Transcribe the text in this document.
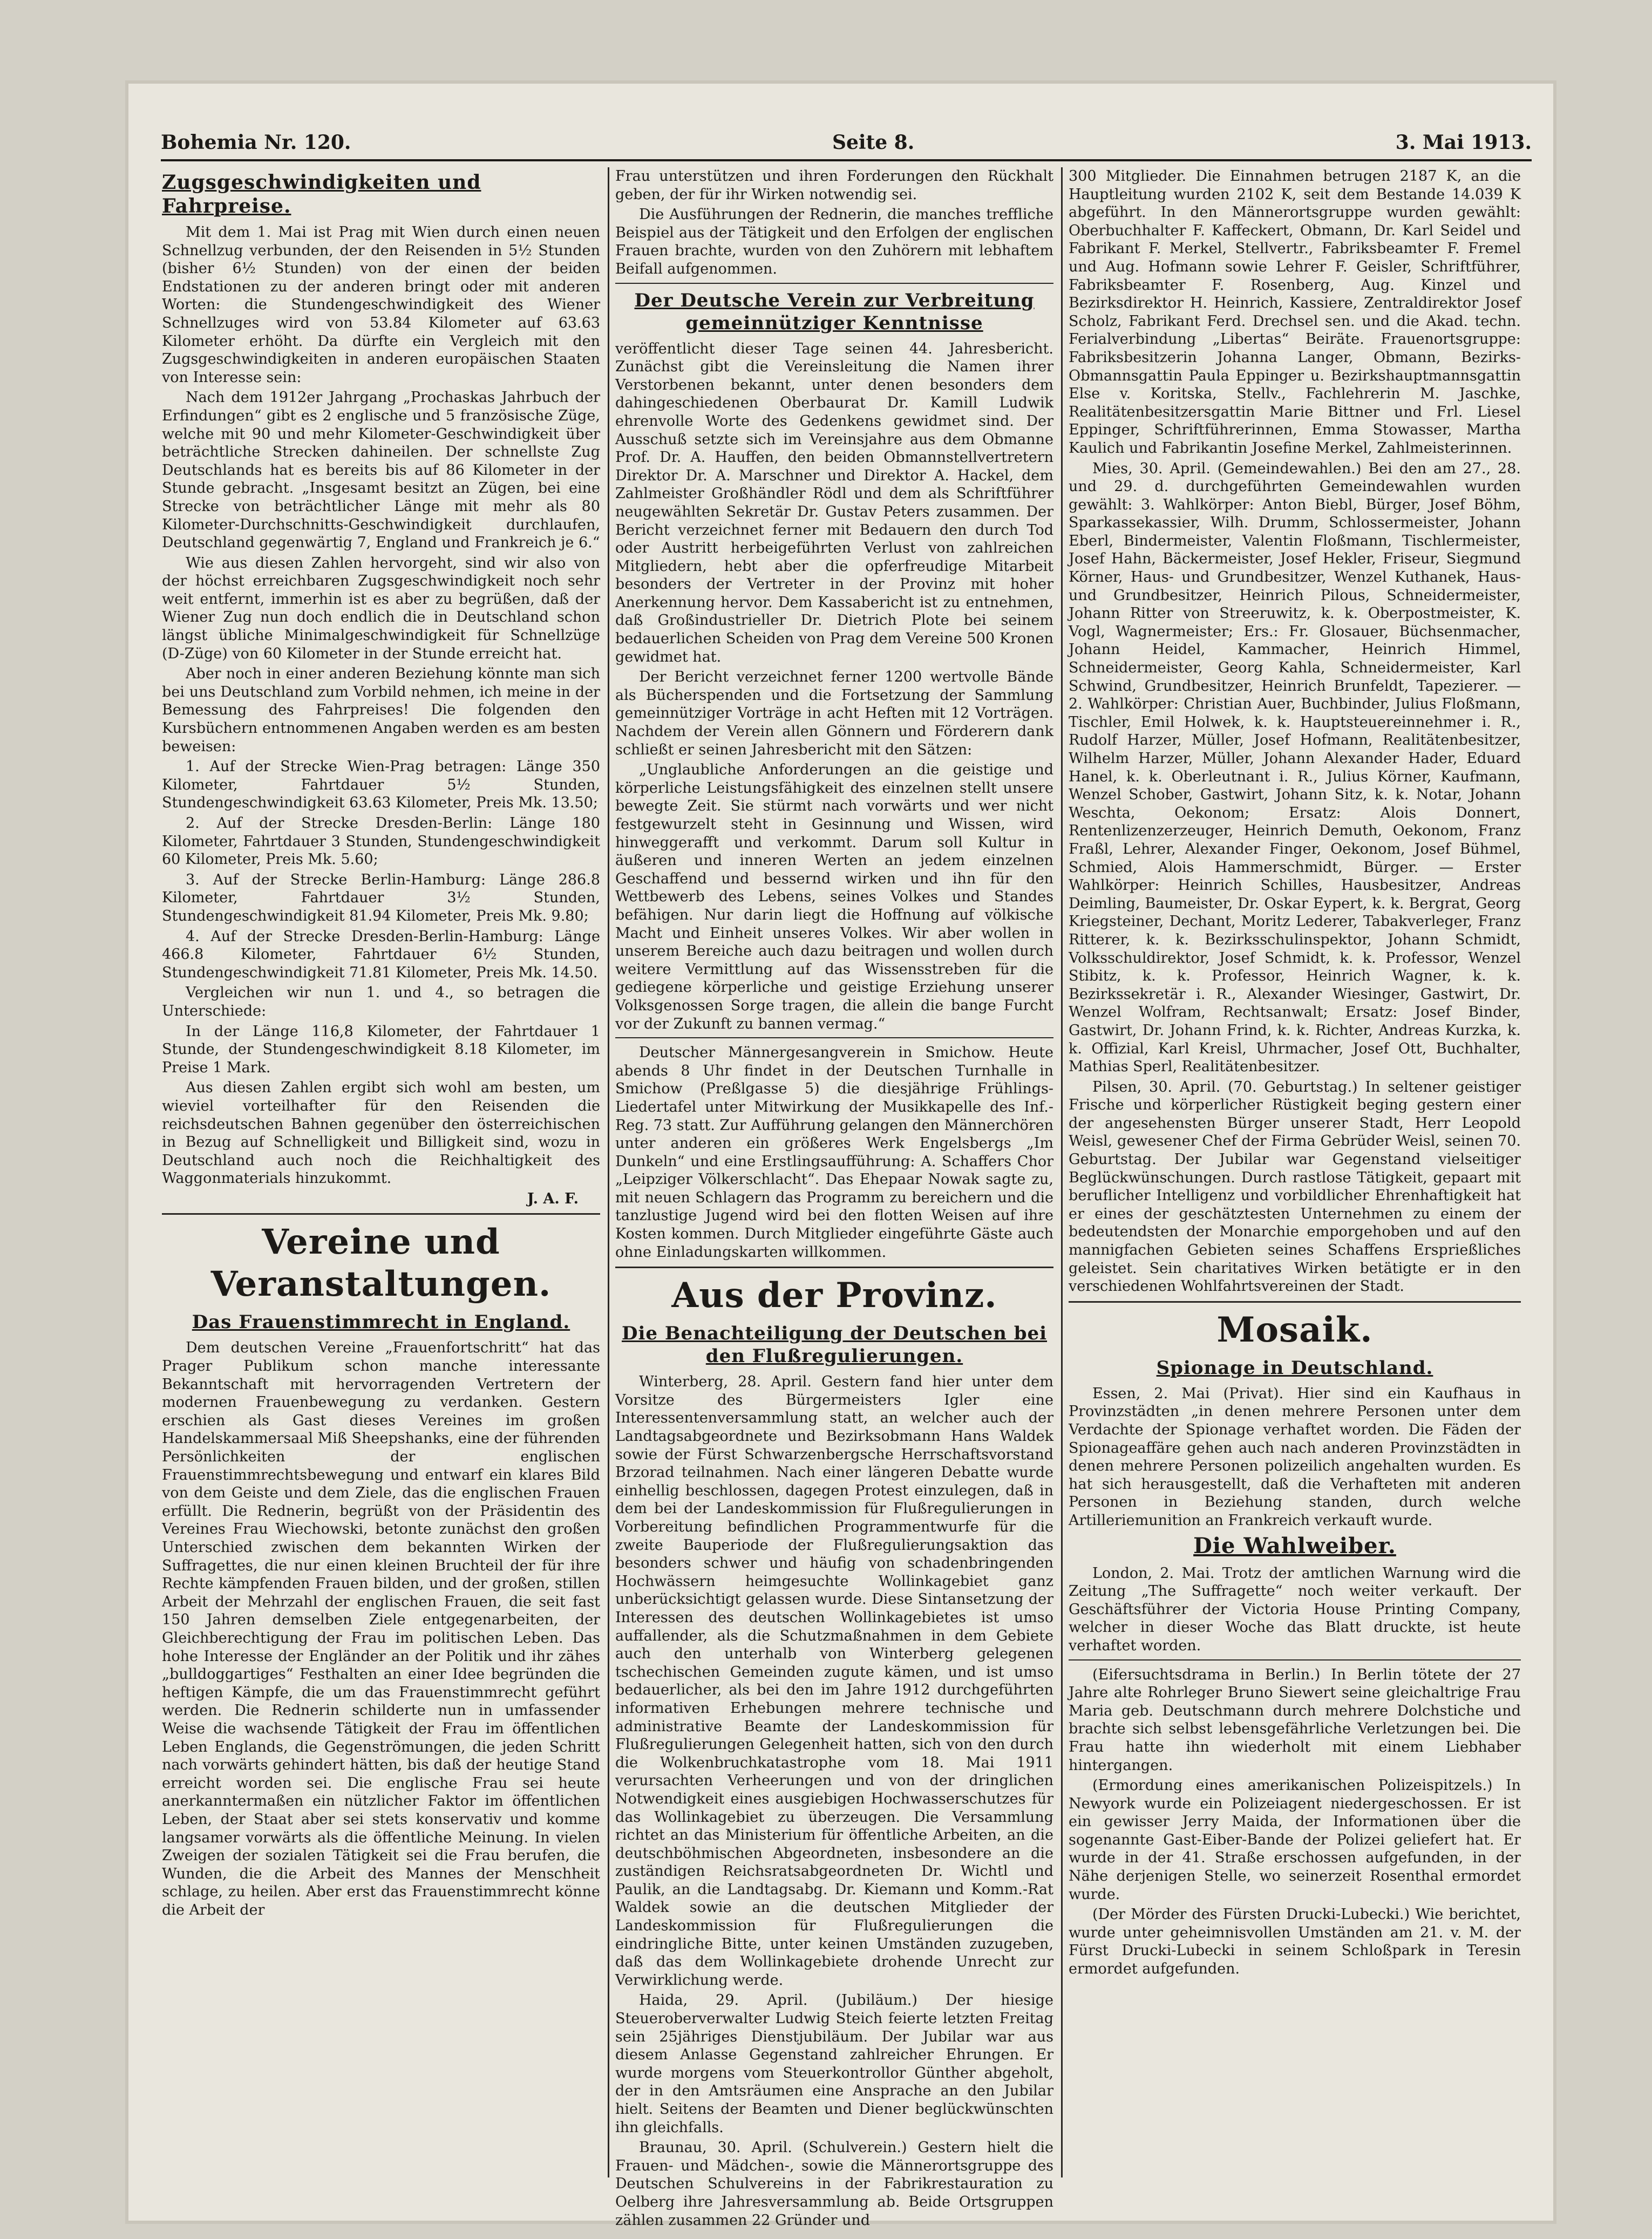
Bohemia Nr. 120.	Seite 8.	3. Mai 1913.
Zugsgeschwindigkeiten und Fahrpreise.

Mit dem 1. Mai ist Prag mit Wien durch einen neuen Schnellzug verbunden, der den Reisenden in 5½ Stunden (bisher 6½ Stunden) von der einen der beiden Endstationen zu der anderen bringt oder mit anderen Worten: die Stundengeschwindigkeit des Wiener Schnellzuges wird von 53.84 Kilometer auf 63.63 Kilometer erhöht. Da dürfte ein Vergleich mit den Zugsgeschwindigkeiten in anderen europäischen Staaten von Interesse sein:

Nach dem 1912er Jahrgang „Prochaskas Jahrbuch der Erfindungen“ gibt es 2 englische und 5 französische Züge, welche mit 90 und mehr Kilometer-Geschwindigkeit über beträchtliche Strecken dahineilen. Der schnellste Zug Deutschlands hat es bereits bis auf 86 Kilometer in der Stunde gebracht. „Insgesamt besitzt an Zügen, bei eine Strecke von beträchtlicher Länge mit mehr als 80 Kilometer-Durchschnitts-Geschwindigkeit durchlaufen, Deutschland gegenwärtig 7, England und Frankreich je 6.“

Wie aus diesen Zahlen hervorgeht, sind wir also von der höchst erreichbaren Zugsgeschwindigkeit noch sehr weit entfernt, immerhin ist es aber zu begrüßen, daß der Wiener Zug nun doch endlich die in Deutschland schon längst übliche Minimalgeschwindigkeit für Schnellzüge (D-Züge) von 60 Kilometer in der Stunde erreicht hat.

Aber noch in einer anderen Beziehung könnte man sich bei uns Deutschland zum Vorbild nehmen, ich meine in der Bemessung des Fahrpreises! Die folgenden den Kursbüchern entnommenen Angaben werden es am besten beweisen:

1. Auf der Strecke Wien-Prag betragen: Länge 350 Kilometer, Fahrtdauer 5½ Stunden, Stundengeschwindigkeit 63.63 Kilometer, Preis Mk. 13.50;

2. Auf der Strecke Dresden-Berlin: Länge 180 Kilometer, Fahrtdauer 3 Stunden, Stundengeschwindigkeit 60 Kilometer, Preis Mk. 5.60;

3. Auf der Strecke Berlin-Hamburg: Länge 286.8 Kilometer, Fahrtdauer 3½ Stunden, Stundengeschwindigkeit 81.94 Kilometer, Preis Mk. 9.80;

4. Auf der Strecke Dresden-Berlin-Hamburg: Länge 466.8 Kilometer, Fahrtdauer 6½ Stunden, Stundengeschwindigkeit 71.81 Kilometer, Preis Mk. 14.50.

Vergleichen wir nun 1. und 4., so betragen die Unterschiede:

In der Länge 116,8 Kilometer, der Fahrtdauer 1 Stunde, der Stundengeschwindigkeit 8.18 Kilometer, im Preise 1 Mark.

Aus diesen Zahlen ergibt sich wohl am besten, um wieviel vorteilhafter für den Reisenden die reichsdeutschen Bahnen gegenüber den österreichischen in Bezug auf Schnelligkeit und Billigkeit sind, wozu in Deutschland auch noch die Reichhaltigkeit des Waggonmaterials hinzukommt.

J. A. F.
Vereine und Veranstaltungen.
Das Frauenstimmrecht in England.

Dem deutschen Vereine „Frauenfortschritt“ hat das Prager Publikum schon manche interessante Bekanntschaft mit hervorragenden Vertretern der modernen Frauenbewegung zu verdanken. Gestern erschien als Gast dieses Vereines im großen Handelskammersaal Miß Sheepshanks, eine der führenden Persönlichkeiten der englischen Frauenstimmrechtsbewegung und entwarf ein klares Bild von dem Geiste und dem Ziele, das die englischen Frauen erfüllt. Die Rednerin, begrüßt von der Präsidentin des Vereines Frau Wiechowski, betonte zunächst den großen Unterschied zwischen dem bekannten Wirken der Suffragettes, die nur einen kleinen Bruchteil der für ihre Rechte kämpfenden Frauen bilden, und der großen, stillen Arbeit der Mehrzahl der englischen Frauen, die seit fast 150 Jahren demselben Ziele entgegenarbeiten, der Gleichberechtigung der Frau im politischen Leben. Das hohe Interesse der Engländer an der Politik und ihr zähes „bulldoggartiges“ Festhalten an einer Idee begründen die heftigen Kämpfe, die um das Frauenstimmrecht geführt werden. Die Rednerin schilderte nun in umfassender Weise die wachsende Tätigkeit der Frau im öffentlichen Leben Englands, die Gegenströmungen, die jeden Schritt nach vorwärts gehindert hätten, bis daß der heutige Stand erreicht worden sei. Die englische Frau sei heute anerkanntermaßen ein nützlicher Faktor im öffentlichen Leben, der Staat aber sei stets konservativ und komme langsamer vorwärts als die öffentliche Meinung. In vielen Zweigen der sozialen Tätigkeit sei die Frau berufen, die Wunden, die die Arbeit des Mannes der Menschheit schlage, zu heilen. Aber erst das Frauenstimmrecht könne die Arbeit der

Frau unterstützen und ihren Forderungen den Rückhalt geben, der für ihr Wirken notwendig sei.

Die Ausführungen der Rednerin, die manches treffliche Beispiel aus der Tätigkeit und den Erfolgen der englischen Frauen brachte, wurden von den Zuhörern mit lebhaftem Beifall aufgenommen.

Der Deutsche Verein zur Verbreitung gemeinnütziger Kenntnisse

veröffentlicht dieser Tage seinen 44. Jahresbericht. Zunächst gibt die Vereinsleitung die Namen ihrer Verstorbenen bekannt, unter denen besonders dem dahingeschiedenen Oberbaurat Dr. Kamill Ludwik ehrenvolle Worte des Gedenkens gewidmet sind. Der Ausschuß setzte sich im Vereinsjahre aus dem Obmanne Prof. Dr. A. Hauffen, den beiden Obmannstellvertretern Direktor Dr. A. Marschner und Direktor A. Hackel, dem Zahlmeister Großhändler Rödl und dem als Schriftführer neugewählten Sekretär Dr. Gustav Peters zusammen. Der Bericht verzeichnet ferner mit Bedauern den durch Tod oder Austritt herbeigeführten Verlust von zahlreichen Mitgliedern, hebt aber die opferfreudige Mitarbeit besonders der Vertreter in der Provinz mit hoher Anerkennung hervor. Dem Kassabericht ist zu entnehmen, daß Großindustrieller Dr. Dietrich Plote bei seinem bedauerlichen Scheiden von Prag dem Vereine 500 Kronen gewidmet hat.

Der Bericht verzeichnet ferner 1200 wertvolle Bände als Bücherspenden und die Fortsetzung der Sammlung gemeinnütziger Vorträge in acht Heften mit 12 Vorträgen. Nachdem der Verein allen Gönnern und Förderern dank schließt er seinen Jahresbericht mit den Sätzen:

„Unglaubliche Anforderungen an die geistige und körperliche Leistungsfähigkeit des einzelnen stellt unsere bewegte Zeit. Sie stürmt nach vorwärts und wer nicht festgewurzelt steht in Gesinnung und Wissen, wird hinweggerafft und verkommt. Darum soll Kultur in äußeren und inneren Werten an jedem einzelnen Geschaffend und bessernd wirken und ihn für den Wettbewerb des Lebens, seines Volkes und Standes befähigen. Nur darin liegt die Hoffnung auf völkische Macht und Einheit unseres Volkes. Wir aber wollen in unserem Bereiche auch dazu beitragen und wollen durch weitere Vermittlung auf das Wissensstreben für die gediegene körperliche und geistige Erziehung unserer Volksgenossen Sorge tragen, die allein die bange Furcht vor der Zukunft zu bannen vermag.“

Deutscher Männergesangverein in Smichow. Heute abends 8 Uhr findet in der Deutschen Turnhalle in Smichow (Preßlgasse 5) die diesjährige Frühlings-Liedertafel unter Mitwirkung der Musikkapelle des Inf.-Reg. 73 statt. Zur Aufführung gelangen den Männerchören unter anderen ein größeres Werk Engelsbergs „Im Dunkeln“ und eine Erstlingsaufführung: A. Schaffers Chor „Leipziger Völkerschlacht“. Das Ehepaar Nowak sagte zu, mit neuen Schlagern das Programm zu bereichern und die tanzlustige Jugend wird bei den flotten Weisen auf ihre Kosten kommen. Durch Mitglieder eingeführte Gäste auch ohne Einladungskarten willkommen.

Aus der Provinz.
Die Benachteiligung der Deutschen bei den Flußregulierungen.

Winterberg, 28. April. Gestern fand hier unter dem Vorsitze des Bürgermeisters Igler eine Interessentenversammlung statt, an welcher auch der Landtagsabgeordnete und Bezirksobmann Hans Waldek sowie der Fürst Schwarzenbergsche Herrschaftsvorstand Brzorad teilnahmen. Nach einer längeren Debatte wurde einhellig beschlossen, dagegen Protest einzulegen, daß in dem bei der Landeskommission für Flußregulierungen in Vorbereitung befindlichen Programmentwurfe für die zweite Bauperiode der Flußregulierungsaktion das besonders schwer und häufig von schadenbringenden Hochwässern heimgesuchte Wollinkagebiet ganz unberücksichtigt gelassen wurde. Diese Sintansetzung der Interessen des deutschen Wollinkagebietes ist umso auffallender, als die Schutzmaßnahmen in dem Gebiete auch den unterhalb von Winterberg gelegenen tschechischen Gemeinden zugute kämen, und ist umso bedauerlicher, als bei den im Jahre 1912 durchgeführten informativen Erhebungen mehrere technische und administrative Beamte der Landeskommission für Flußregulierungen Gelegenheit hatten, sich von den durch die Wolkenbruchkatastrophe vom 18. Mai 1911 verursachten Verheerungen und von der dringlichen Notwendigkeit eines ausgiebigen Hochwasserschutzes für das Wollinkagebiet zu überzeugen. Die Versammlung richtet an das Ministerium für öffentliche Arbeiten, an die deutschböhmischen Abgeordneten, insbesondere an die zuständigen Reichsratsabgeordneten Dr. Wichtl und Paulik, an die Landtagsabg. Dr. Kiemann und Komm.-Rat Waldek sowie an die deutschen Mitglieder der Landeskommission für Flußregulierungen die eindringliche Bitte, unter keinen Umständen zuzugeben, daß das dem Wollinkagebiete drohende Unrecht zur Verwirklichung werde.

Haida, 29. April. (Jubiläum.) Der hiesige Steueroberverwalter Ludwig Steich feierte letzten Freitag sein 25jähriges Dienstjubiläum. Der Jubilar war aus diesem Anlasse Gegenstand zahlreicher Ehrungen. Er wurde morgens vom Steuerkontrollor Günther abgeholt, der in den Amtsräumen eine Ansprache an den Jubilar hielt. Seitens der Beamten und Diener beglückwünschten ihn gleichfalls.

Braunau, 30. April. (Schulverein.) Gestern hielt die Frauen- und Mädchen-, sowie die Männerortsgruppe des Deutschen Schulvereins in der Fabrikrestauration zu Oelberg ihre Jahresversammlung ab. Beide Ortsgruppen zählen zusammen 22 Gründer und

300 Mitglieder. Die Einnahmen betrugen 2187 K, an die Hauptleitung wurden 2102 K, seit dem Bestande 14.039 K abgeführt. In den Männerortsgruppe wurden gewählt: Oberbuchhalter F. Kaffeckert, Obmann, Dr. Karl Seidel und Fabrikant F. Merkel, Stellvertr., Fabriksbeamter F. Fremel und Aug. Hofmann sowie Lehrer F. Geisler, Schriftführer, Fabriksbeamter F. Rosenberg, Aug. Kinzel und Bezirksdirektor H. Heinrich, Kassiere, Zentraldirektor Josef Scholz, Fabrikant Ferd. Drechsel sen. und die Akad. techn. Ferialverbindung „Libertas“ Beiräte. Frauenortsgruppe: Fabriksbesitzerin Johanna Langer, Obmann, Bezirks-Obmannsgattin Paula Eppinger u. Bezirkshauptmannsgattin Else v. Koritska, Stellv., Fachlehrerin M. Jaschke, Realitätenbesitzersgattin Marie Bittner und Frl. Liesel Eppinger, Schriftführerinnen, Emma Stowasser, Martha Kaulich und Fabrikantin Josefine Merkel, Zahlmeisterinnen.

Mies, 30. April. (Gemeindewahlen.) Bei den am 27., 28. und 29. d. durchgeführten Gemeindewahlen wurden gewählt: 3. Wahlkörper: Anton Biebl, Bürger, Josef Böhm, Sparkassekassier, Wilh. Drumm, Schlossermeister, Johann Eberl, Bindermeister, Valentin Floßmann, Tischlermeister, Josef Hahn, Bäckermeister, Josef Hekler, Friseur, Siegmund Körner, Haus- und Grundbesitzer, Wenzel Kuthanek, Haus- und Grundbesitzer, Heinrich Pilous, Schneidermeister, Johann Ritter von Streeruwitz, k. k. Oberpostmeister, K. Vogl, Wagnermeister; Ers.: Fr. Glosauer, Büchsenmacher, Johann Heidel, Kammacher, Heinrich Himmel, Schneidermeister, Georg Kahla, Schneidermeister, Karl Schwind, Grundbesitzer, Heinrich Brunfeldt, Tapezierer. — 2. Wahlkörper: Christian Auer, Buchbinder, Julius Floßmann, Tischler, Emil Holwek, k. k. Hauptsteuereinnehmer i. R., Rudolf Harzer, Müller, Josef Hofmann, Realitätenbesitzer, Wilhelm Harzer, Müller, Johann Alexander Hader, Eduard Hanel, k. k. Oberleutnant i. R., Julius Körner, Kaufmann, Wenzel Schober, Gastwirt, Johann Sitz, k. k. Notar, Johann Weschta, Oekonom; Ersatz: Alois Donnert, Rentenlizenzerzeuger, Heinrich Demuth, Oekonom, Franz Fraßl, Lehrer, Alexander Finger, Oekonom, Josef Bühmel, Schmied, Alois Hammerschmidt, Bürger. — Erster Wahlkörper: Heinrich Schilles, Hausbesitzer, Andreas Deimling, Baumeister, Dr. Oskar Eypert, k. k. Bergrat, Georg Kriegsteiner, Dechant, Moritz Lederer, Tabakverleger, Franz Ritterer, k. k. Bezirksschulinspektor, Johann Schmidt, Volksschuldirektor, Josef Schmidt, k. k. Professor, Wenzel Stibitz, k. k. Professor, Heinrich Wagner, k. k. Bezirkssekretär i. R., Alexander Wiesinger, Gastwirt, Dr. Wenzel Wolfram, Rechtsanwalt; Ersatz: Josef Binder, Gastwirt, Dr. Johann Frind, k. k. Richter, Andreas Kurzka, k. k. Offizial, Karl Kreisl, Uhrmacher, Josef Ott, Buchhalter, Mathias Sperl, Realitätenbesitzer.

Pilsen, 30. April. (70. Geburtstag.) In seltener geistiger Frische und körperlicher Rüstigkeit beging gestern einer der angesehensten Bürger unserer Stadt, Herr Leopold Weisl, gewesener Chef der Firma Gebrüder Weisl, seinen 70. Geburtstag. Der Jubilar war Gegenstand vielseitiger Beglückwünschungen. Durch rastlose Tätigkeit, gepaart mit beruflicher Intelligenz und vorbildlicher Ehrenhaftigkeit hat er eines der geschätztesten Unternehmen zu einem der bedeutendsten der Monarchie emporgehoben und auf den mannigfachen Gebieten seines Schaffens Ersprießliches geleistet. Sein charitatives Wirken betätigte er in den verschiedenen Wohlfahrtsvereinen der Stadt.

Mosaik.
Spionage in Deutschland.

Essen, 2. Mai (Privat). Hier sind ein Kaufhaus in Provinzstädten „in denen mehrere Personen unter dem Verdachte der Spionage verhaftet worden. Die Fäden der Spionageaffäre gehen auch nach anderen Provinzstädten in denen mehrere Personen polizeilich angehalten wurden. Es hat sich herausgestellt, daß die Verhafteten mit anderen Personen in Beziehung standen, durch welche Artilleriemunition an Frankreich verkauft wurde.

Die Wahlweiber.

London, 2. Mai. Trotz der amtlichen Warnung wird die Zeitung „The Suffragette“ noch weiter verkauft. Der Geschäftsführer der Victoria House Printing Company, welcher in dieser Woche das Blatt druckte, ist heute verhaftet worden.

(Eifersuchtsdrama in Berlin.) In Berlin tötete der 27 Jahre alte Rohrleger Bruno Siewert seine gleichaltrige Frau Maria geb. Deutschmann durch mehrere Dolchstiche und brachte sich selbst lebensgefährliche Verletzungen bei. Die Frau hatte ihn wiederholt mit einem Liebhaber hintergangen.

(Ermordung eines amerikanischen Polizeispitzels.) In Newyork wurde ein Polizeiagent niedergeschossen. Er ist ein gewisser Jerry Maida, der Informationen über die sogenannte Gast-Eiber-Bande der Polizei geliefert hat. Er wurde in der 41. Straße erschossen aufgefunden, in der Nähe derjenigen Stelle, wo seinerzeit Rosenthal ermordet wurde.

(Der Mörder des Fürsten Drucki-Lubecki.) Wie berichtet, wurde unter geheimnisvollen Umständen am 21. v. M. der Fürst Drucki-Lubecki in seinem Schloßpark in Teresin ermordet aufgefunden.
